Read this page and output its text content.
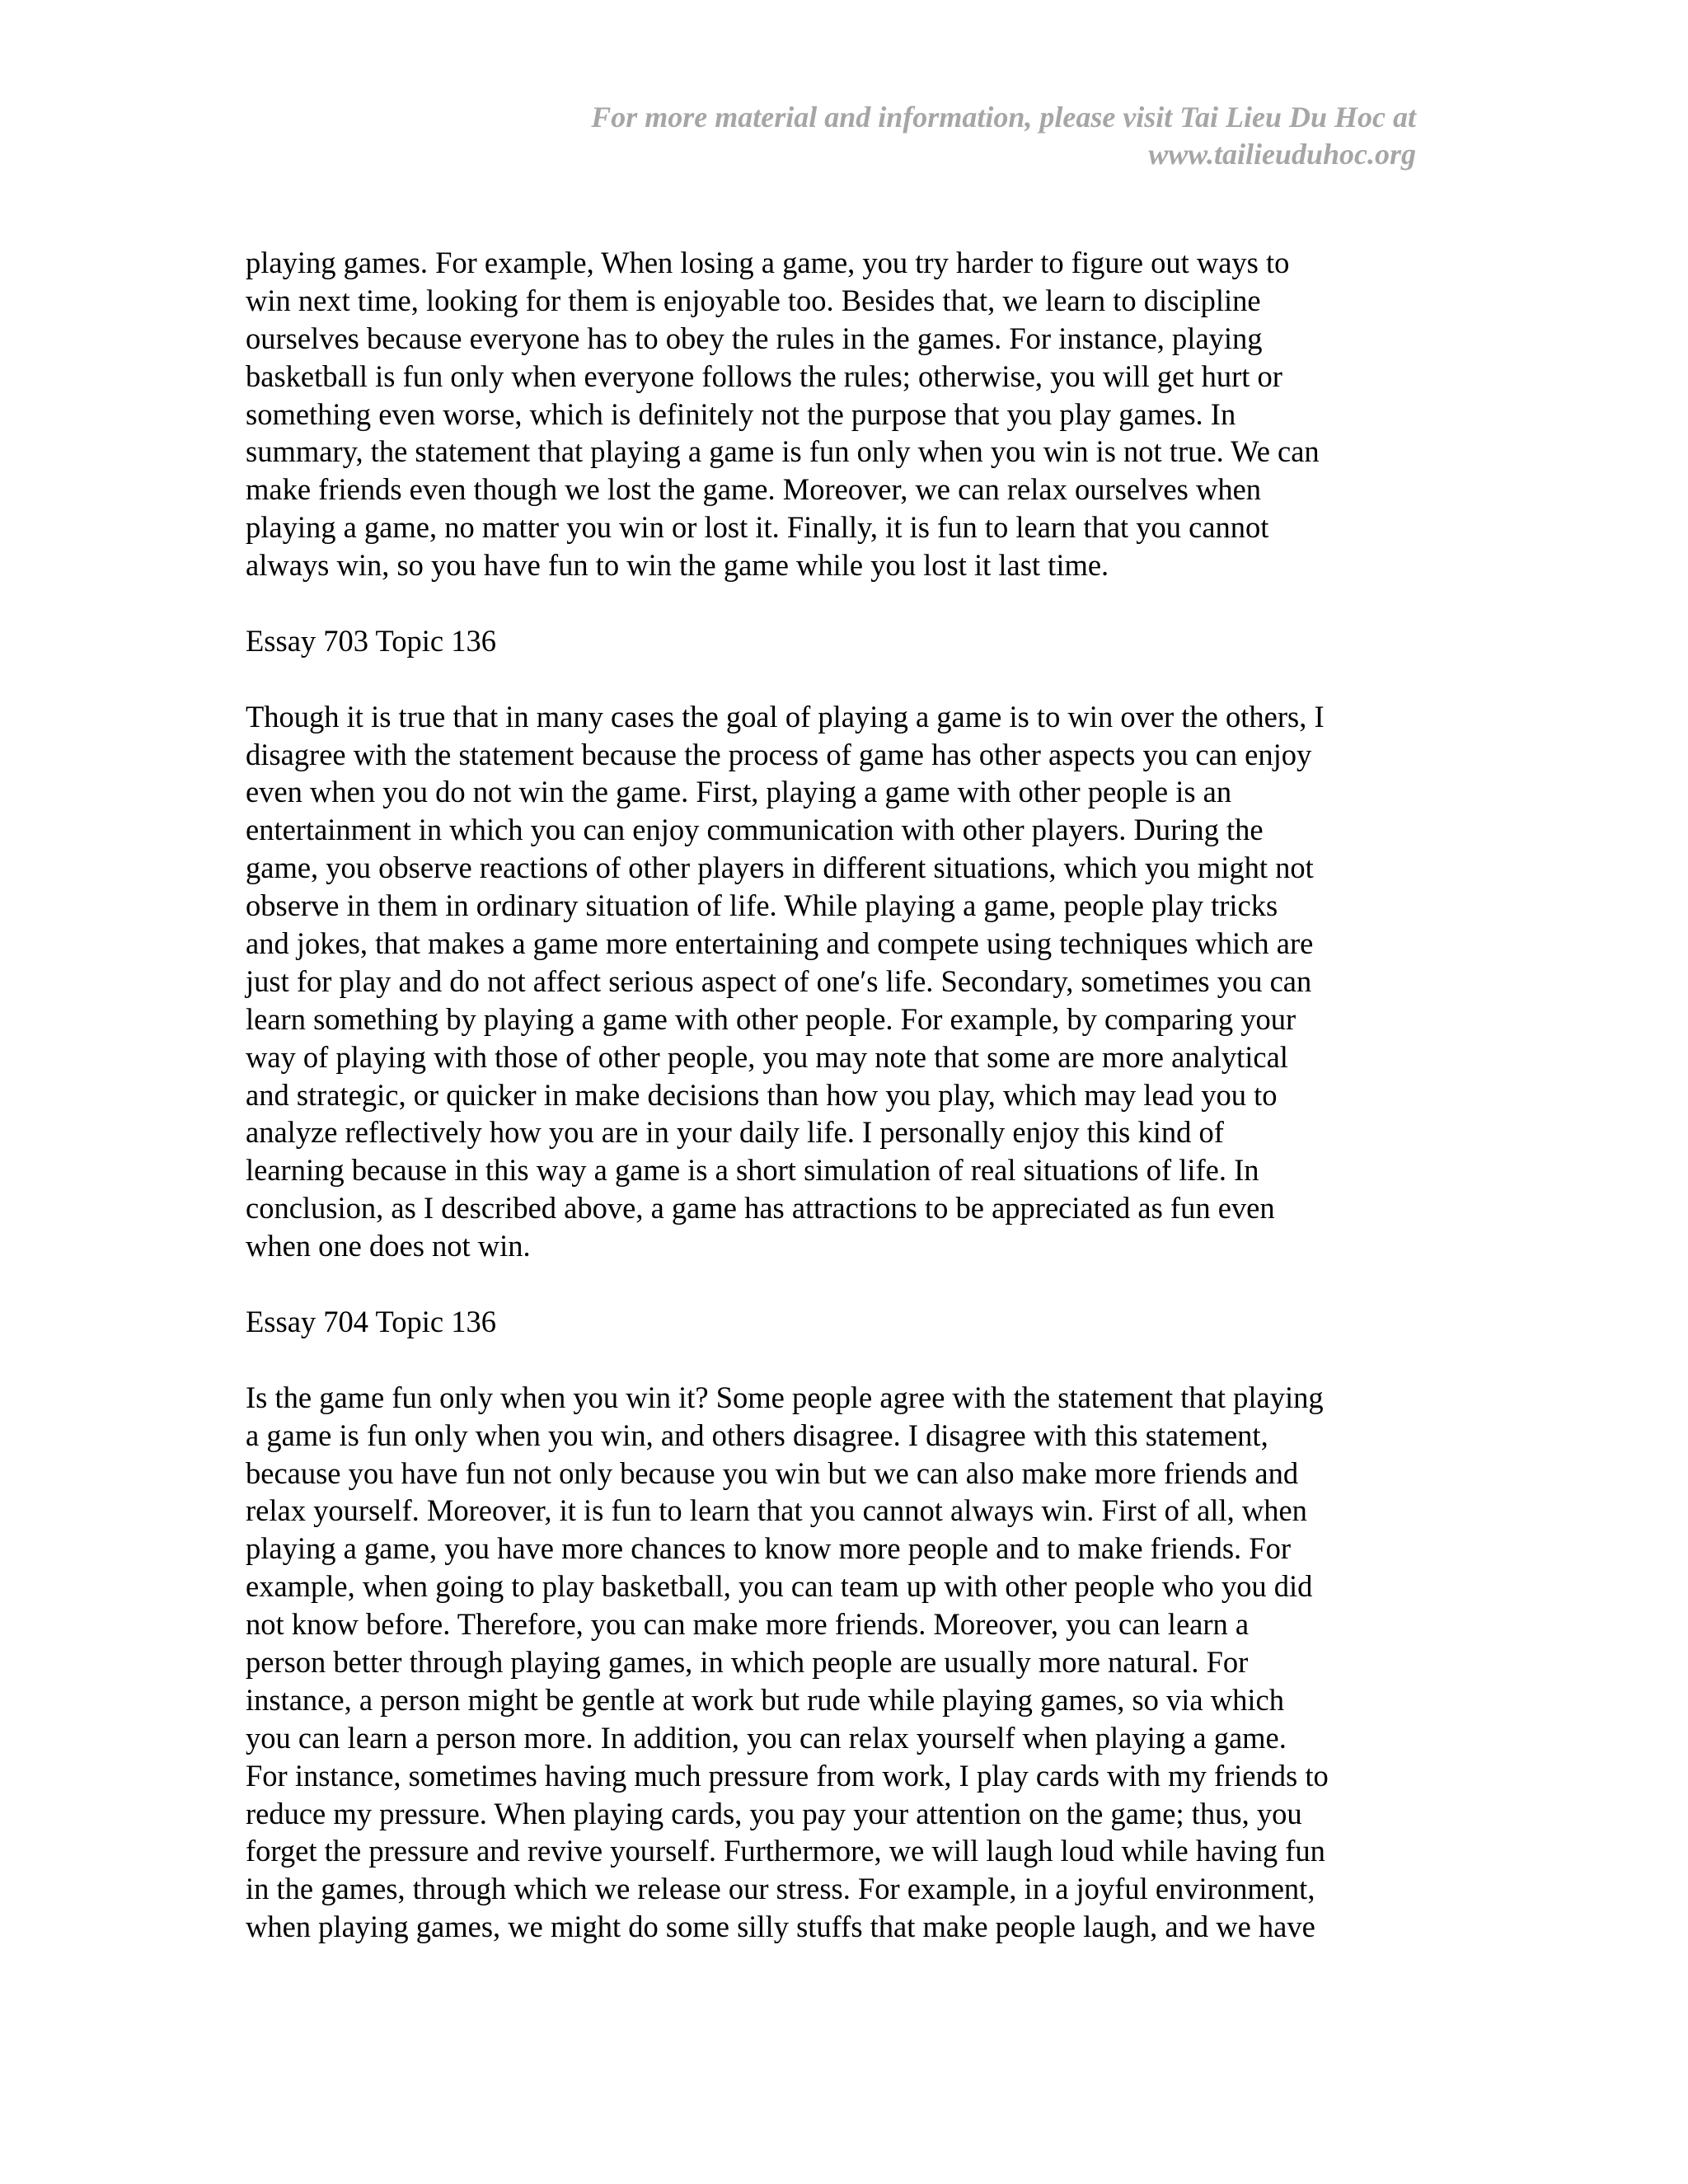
For more material and information, please visit Tai Lieu Du Hoc at
www.tailieuduhoc.org
playing games. For example, When losing a game, you try harder to figure out ways to
win next time, looking for them is enjoyable too. Besides that, we learn to discipline
ourselves because everyone has to obey the rules in the games. For instance, playing
basketball is fun only when everyone follows the rules; otherwise, you will get hurt or
something even worse, which is definitely not the purpose that you play games. In
summary, the statement that playing a game is fun only when you win is not true. We can
make friends even though we lost the game. Moreover, we can relax ourselves when
playing a game, no matter you win or lost it. Finally, it is fun to learn that you cannot
always win, so you have fun to win the game while you lost it last time.
Essay 703 Topic 136
Though it is true that in many cases the goal of playing a game is to win over the others, I
disagree with the statement because the process of game has other aspects you can enjoy
even when you do not win the game. First, playing a game with other people is an
entertainment in which you can enjoy communication with other players. During the
game, you observe reactions of other players in different situations, which you might not
observe in them in ordinary situation of life. While playing a game, people play tricks
and jokes, that makes a game more entertaining and compete using techniques which are
just for play and do not affect serious aspect of one′s life. Secondary, sometimes you can
learn something by playing a game with other people. For example, by comparing your
way of playing with those of other people, you may note that some are more analytical
and strategic, or quicker in make decisions than how you play, which may lead you to
analyze reflectively how you are in your daily life. I personally enjoy this kind of
learning because in this way a game is a short simulation of real situations of life. In
conclusion, as I described above, a game has attractions to be appreciated as fun even
when one does not win.
Essay 704 Topic 136
Is the game fun only when you win it? Some people agree with the statement that playing
a game is fun only when you win, and others disagree. I disagree with this statement,
because you have fun not only because you win but we can also make more friends and
relax yourself. Moreover, it is fun to learn that you cannot always win. First of all, when
playing a game, you have more chances to know more people and to make friends. For
example, when going to play basketball, you can team up with other people who you did
not know before. Therefore, you can make more friends. Moreover, you can learn a
person better through playing games, in which people are usually more natural. For
instance, a person might be gentle at work but rude while playing games, so via which
you can learn a person more. In addition, you can relax yourself when playing a game.
For instance, sometimes having much pressure from work, I play cards with my friends to
reduce my pressure. When playing cards, you pay your attention on the game; thus, you
forget the pressure and revive yourself. Furthermore, we will laugh loud while having fun
in the games, through which we release our stress. For example, in a joyful environment,
when playing games, we might do some silly stuffs that make people laugh, and we have
